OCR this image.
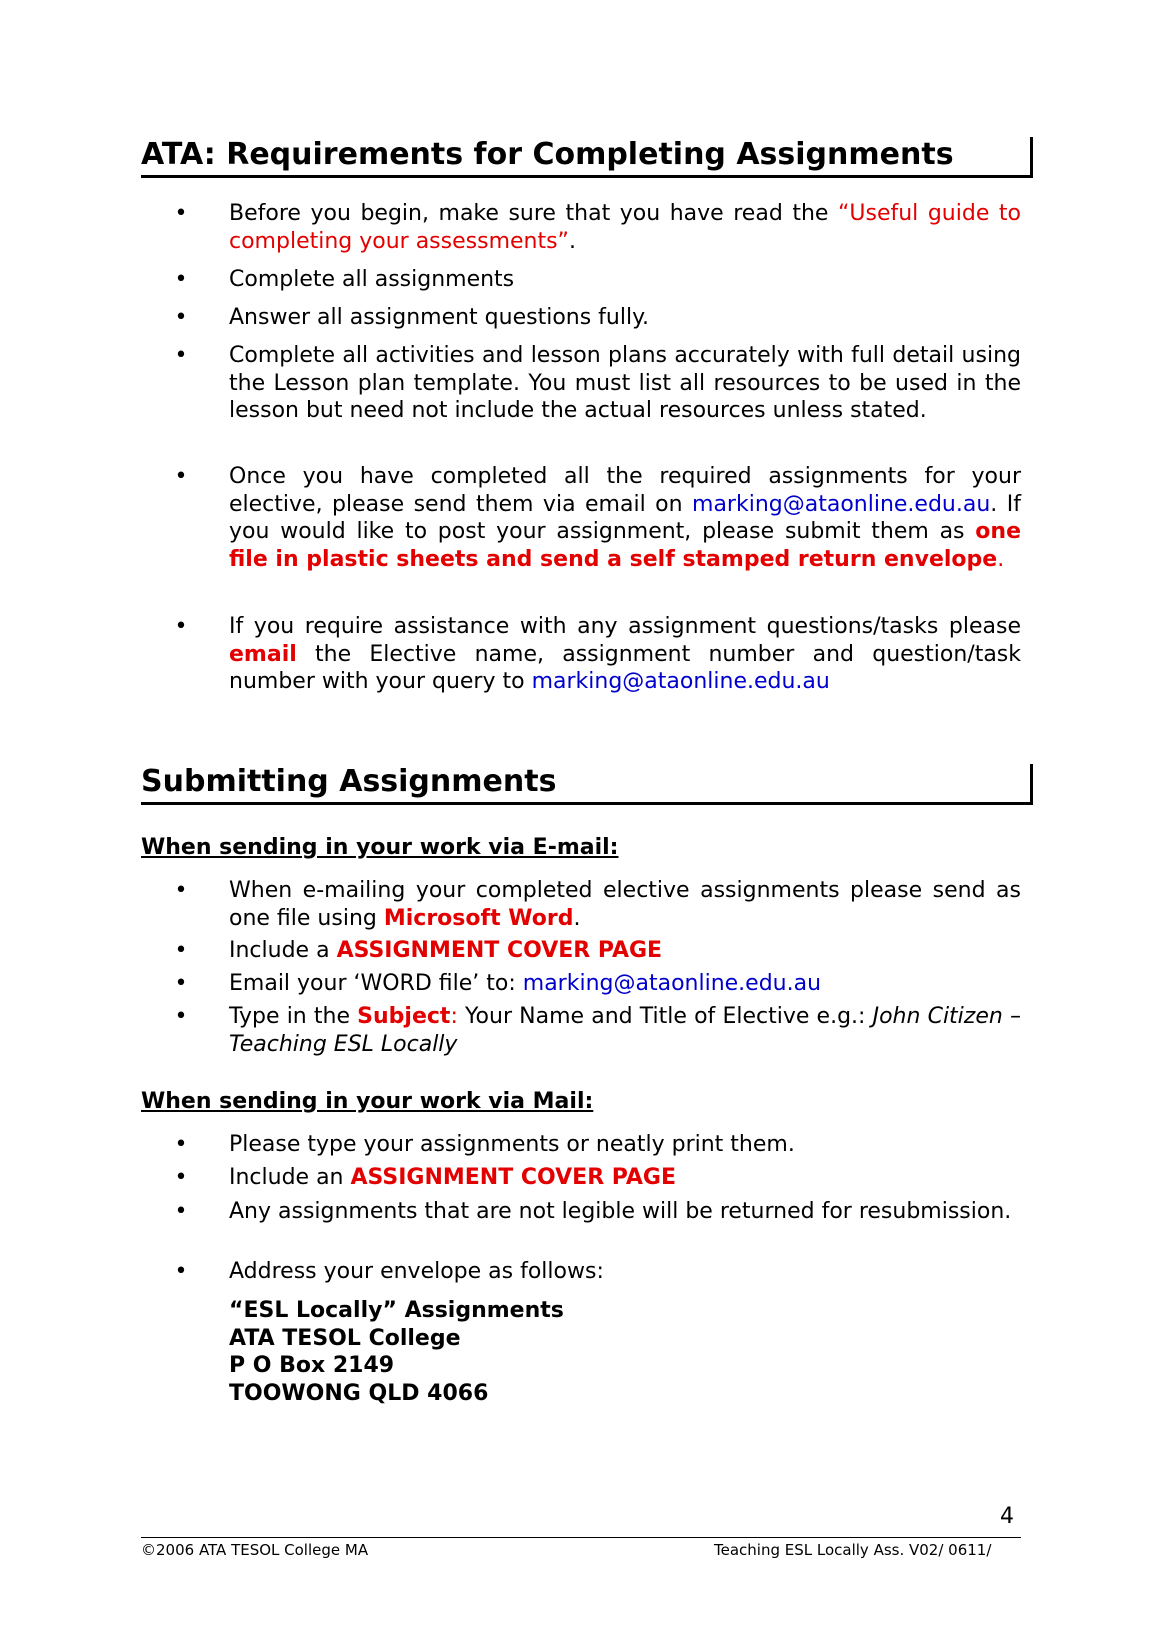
ATA: Requirements for Completing Assignments
• Before you begin, make sure that you have read the “Useful guide to completing your assessments”.
• Complete all assignments
• Answer all assignment questions fully.
• Complete all activities and lesson plans accurately with full detail using the Lesson plan template. You must list all resources to be used in the lesson but need not include the actual resources unless stated.
• Once you have completed all the required assignments for your elective, please send them via email on marking@ataonline.edu.au. If you would like to post your assignment, please submit them as one file in plastic sheets and send a self stamped return envelope.
• If you require assistance with any assignment questions/tasks please email the Elective name, assignment number and question/task number with your query to marking@ataonline.edu.au
Submitting Assignments
When sending in your work via E-mail:
• When e-mailing your completed elective assignments please send as one file using Microsoft Word.
• Include a ASSIGNMENT COVER PAGE
• Email your ‘WORD file’ to: marking@ataonline.edu.au
• Type in the Subject: Your Name and Title of Elective e.g.: John Citizen – Teaching ESL Locally
When sending in your work via Mail:
• Please type your assignments or neatly print them.
• Include an ASSIGNMENT COVER PAGE
• Any assignments that are not legible will be returned for resubmission.
• Address your envelope as follows:
“ESL Locally” Assignments
ATA TESOL College
P O Box 2149
TOOWONG QLD 4066
4
©2006 ATA TESOL College MA	Teaching ESL Locally Ass. V02/ 0611/
